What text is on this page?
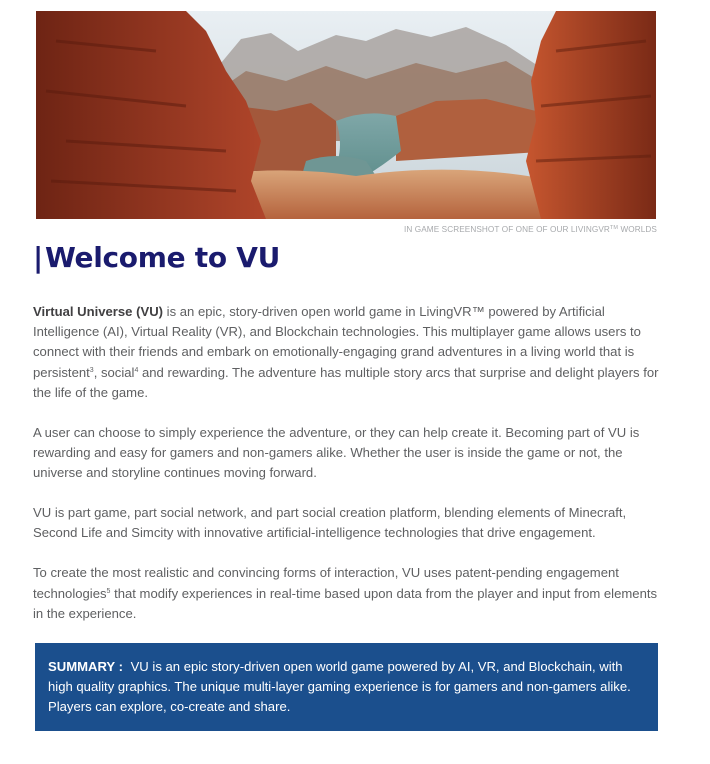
IN GAME SCREENSHOT OF ONE OF OUR LIVINGVR™ WORLDS
|Welcome to VU

Virtual Universe (VU) is an epic, story-driven open world game in LivingVR™ powered by Artificial Intelligence (AI), Virtual Reality (VR), and Blockchain technologies. This multiplayer game allows users to connect with their friends and embark on emotionally-engaging grand adventures in a living world that is persistent$^3$, social$^4$ and rewarding. The adventure has multiple story arcs that surprise and delight players for the life of the game.

A user can choose to simply experience the adventure, or they can help create it. Becoming part of VU is rewarding and easy for gamers and non-gamers alike. Whether the user is inside the game or not, the universe and storyline continues moving forward.

VU is part game, part social network, and part social creation platform, blending elements of Minecraft, Second Life and Simcity with innovative artificial-intelligence technologies that drive engagement.

To create the most realistic and convincing forms of interaction, VU uses patent-pending engagement technologies$^5$ that modify experiences in real-time based upon data from the player and input from elements in the experience.

SUMMARY : VU is an epic story-driven open world game powered by AI, VR, and Blockchain, with high quality graphics. The unique multi-layer gaming experience is for gamers and non-gamers alike. Players can explore, co-create and share.
